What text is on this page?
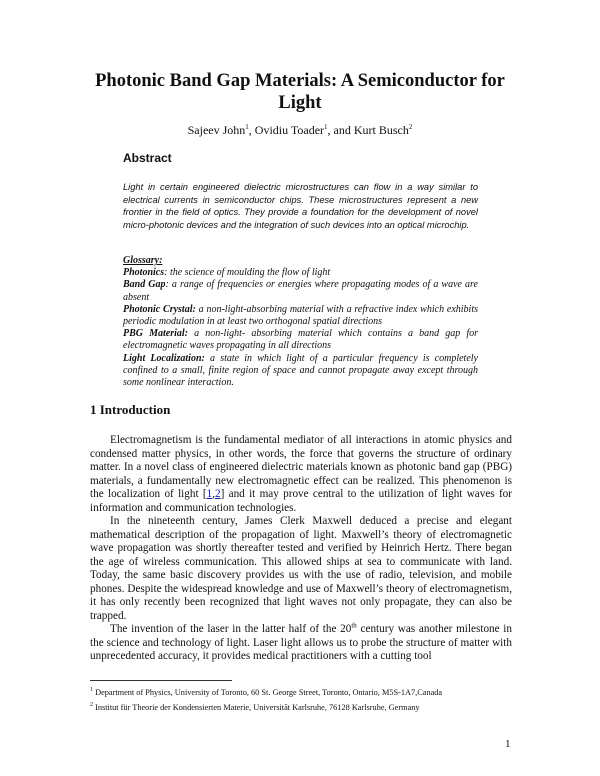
Photonic Band Gap Materials: A Semiconductor for Light
Sajeev John$^1$, Ovidiu Toader$^1$, and Kurt Busch$^2$
Abstract
Light in certain engineered dielectric microstructures can flow in a way similar to electrical currents in semiconductor chips. These microstructures represent a new frontier in the field of optics. They provide a foundation for the development of novel micro-photonic devices and the integration of such devices into an optical microchip.
Glossary:
Photonics: the science of moulding the flow of light
Band Gap: a range of frequencies or energies where propagating modes of a wave are absent
Photonic Crystal: a non-light-absorbing material with a refractive index which exhibits periodic modulation in at least two orthogonal spatial directions
PBG Material: a non-light- absorbing material which contains a band gap for electromagnetic waves propagating in all directions
Light Localization: a state in which light of a particular frequency is completely confined to a small, finite region of space and cannot propagate away except through some nonlinear interaction.
1 Introduction

Electromagnetism is the fundamental mediator of all interactions in atomic physics and condensed matter physics, in other words, the force that governs the structure of ordinary matter. In a novel class of engineered dielectric materials known as photonic band gap (PBG) materials, a fundamentally new electromagnetic effect can be realized. This phenomenon is the localization of light [1,2] and it may prove central to the utilization of light waves for information and communication technologies.

In the nineteenth century, James Clerk Maxwell deduced a precise and elegant mathematical description of the propagation of light. Maxwell’s theory of electromagnetic wave propagation was shortly thereafter tested and verified by Heinrich Hertz. There began the age of wireless communication. This allowed ships at sea to communicate with land. Today, the same basic discovery provides us with the use of radio, television, and mobile phones. Despite the widespread knowledge and use of Maxwell’s theory of electromagnetism, it has only recently been recognized that light waves not only propagate, they can also be trapped.

The invention of the laser in the latter half of the 20th century was another milestone in the science and technology of light. Laser light allows us to probe the structure of matter with unprecedented accuracy, it provides medical practitioners with a cutting tool

$^1$ Department of Physics, University of Toronto, 60 St. George Street, Toronto, Ontario, M5S-1A7,Canada
$^2$ Institut für Theorie der Kondensierten Materie, Universitãt Karlsruhe, 76128 Karlsruhe, Germany
1
